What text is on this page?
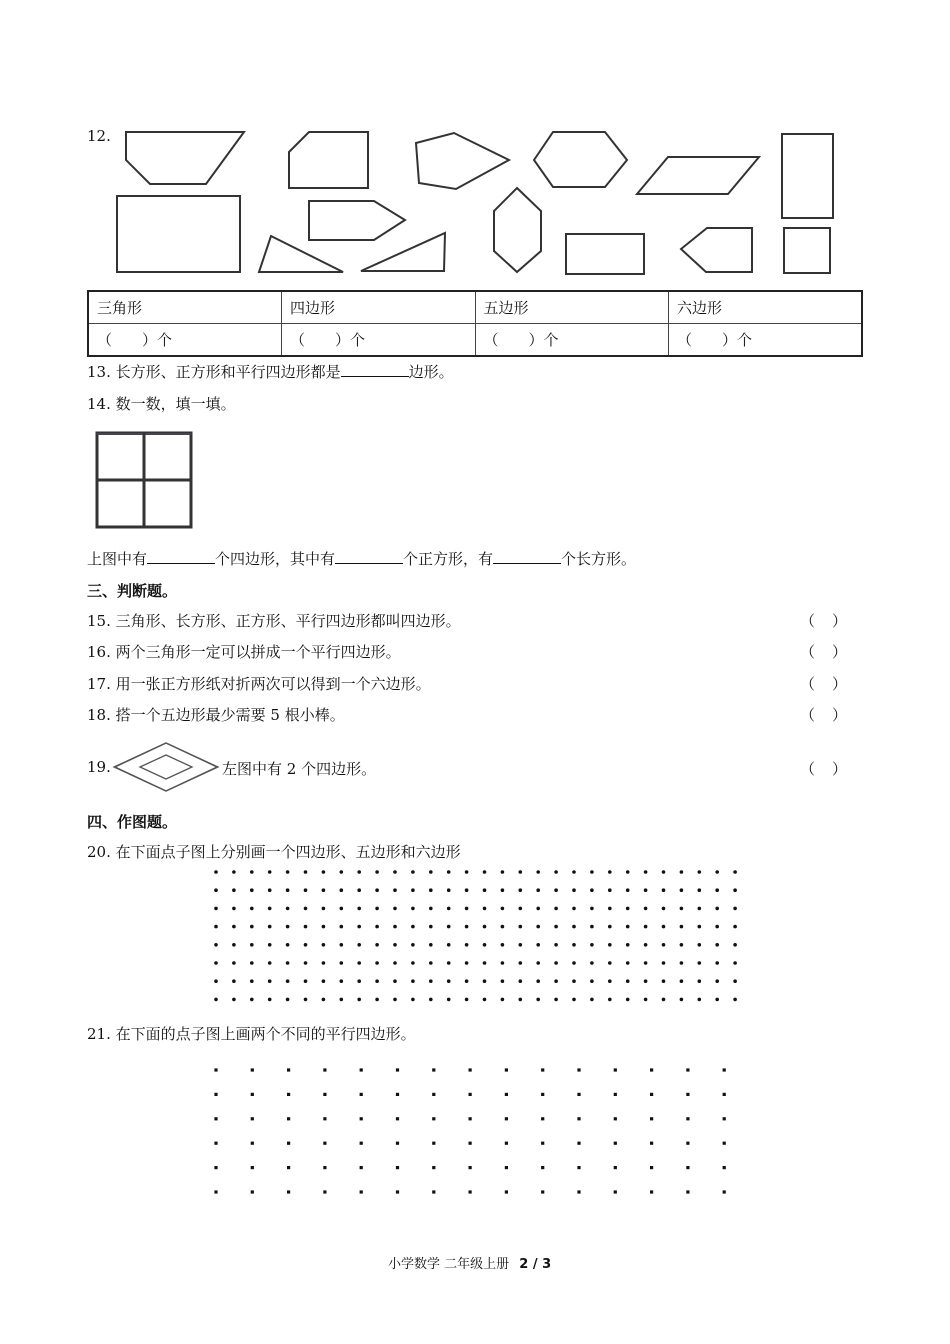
12.
三角形	四边形	五边形	六边形
（　　）个	（　　）个	（　　）个	（　　）个
13. 长方形、正方形和平行四边形都是	边形。
14. 数一数，填一填。
上图中有	个四边形，其中有	个正方形，有	个长方形。
三、判断题。
15. 三角形、长方形、正方形、平行四边形都叫四边形。	（ ）
16. 两个三角形一定可以拼成一个平行四边形。	（ ）
17. 用一张正方形纸对折两次可以得到一个六边形。	（ ）
18. 搭一个五边形最少需要 5 根小棒。	（ ）
19.	左图中有 2 个四边形。	（ ）
四、作图题。
20. 在下面点子图上分别画一个四边形、五边形和六边形
21. 在下面的点子图上画两个不同的平行四边形。
小学数学 二年级上册 2 / 3
